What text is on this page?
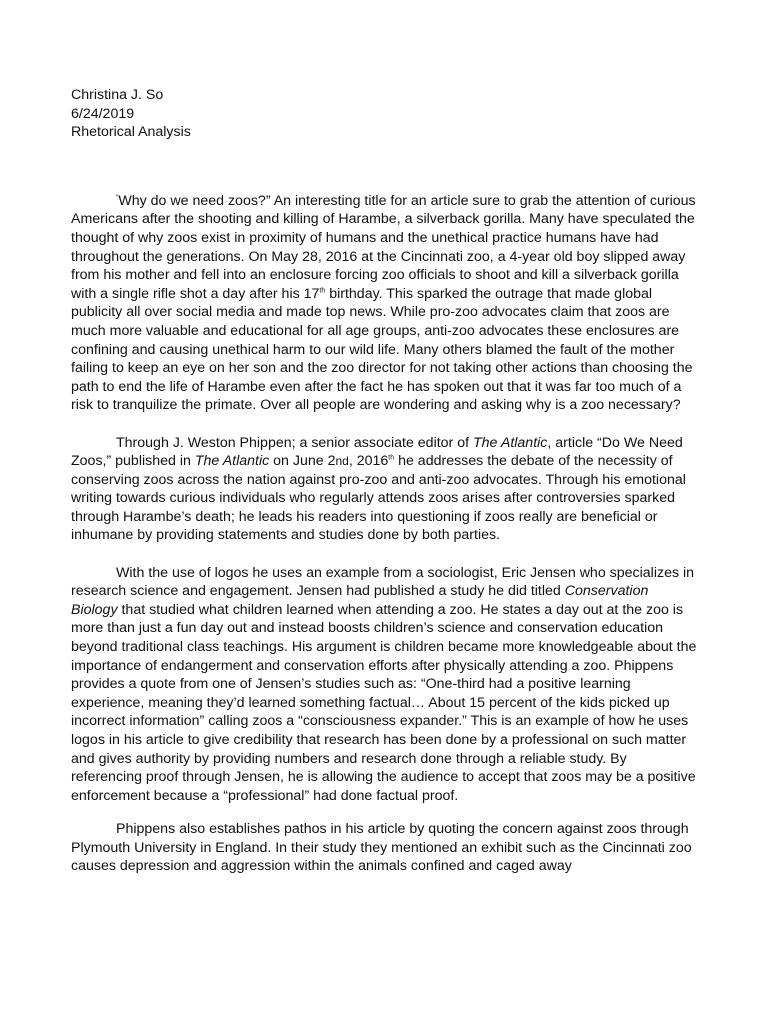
Christina J. So
6/24/2019
Rhetorical Analysis

“Why do we need zoos?” An interesting title for an article sure to grab the attention of curious Americans after the shooting and killing of Harambe, a silverback gorilla. Many have speculated the thought of why zoos exist in proximity of humans and the unethical practice humans have had throughout the generations. On May 28, 2016 at the Cincinnati zoo, a 4-year old boy slipped away from his mother and fell into an enclosure forcing zoo officials to shoot and kill a silverback gorilla with a single rifle shot a day after his 17th birthday. This sparked the outrage that made global publicity all over social media and made top news. While pro-zoo advocates claim that zoos are much more valuable and educational for all age groups, anti-zoo advocates these enclosures are confining and causing unethical harm to our wild life. Many others blamed the fault of the mother failing to keep an eye on her son and the zoo director for not taking other actions than choosing the path to end the life of Harambe even after the fact he has spoken out that it was far too much of a risk to tranquilize the primate. Over all people are wondering and asking why is a zoo necessary?

Through J. Weston Phippen; a senior associate editor of The Atlantic, article “Do We Need Zoos,” published in The Atlantic on June 2nd, 2016th he addresses the debate of the necessity of conserving zoos across the nation against pro-zoo and anti-zoo advocates. Through his emotional writing towards curious individuals who regularly attends zoos arises after controversies sparked through Harambe’s death; he leads his readers into questioning if zoos really are beneficial or inhumane by providing statements and studies done by both parties.

With the use of logos he uses an example from a sociologist, Eric Jensen who specializes in research science and engagement. Jensen had published a study he did titled Conservation Biology that studied what children learned when attending a zoo. He states a day out at the zoo is more than just a fun day out and instead boosts children’s science and conservation education beyond traditional class teachings. His argument is children became more knowledgeable about the importance of endangerment and conservation efforts after physically attending a zoo. Phippens provides a quote from one of Jensen’s studies such as: “One-third had a positive learning experience, meaning they’d learned something factual… About 15 percent of the kids picked up incorrect information” calling zoos a “consciousness expander.” This is an example of how he uses logos in his article to give credibility that research has been done by a professional on such matter and gives authority by providing numbers and research done through a reliable study. By referencing proof through Jensen, he is allowing the audience to accept that zoos may be a positive enforcement because a “professional” had done factual proof.

Phippens also establishes pathos in his article by quoting the concern against zoos through Plymouth University in England. In their study they mentioned an exhibit such as the Cincinnati zoo causes depression and aggression within the animals confined and caged away
